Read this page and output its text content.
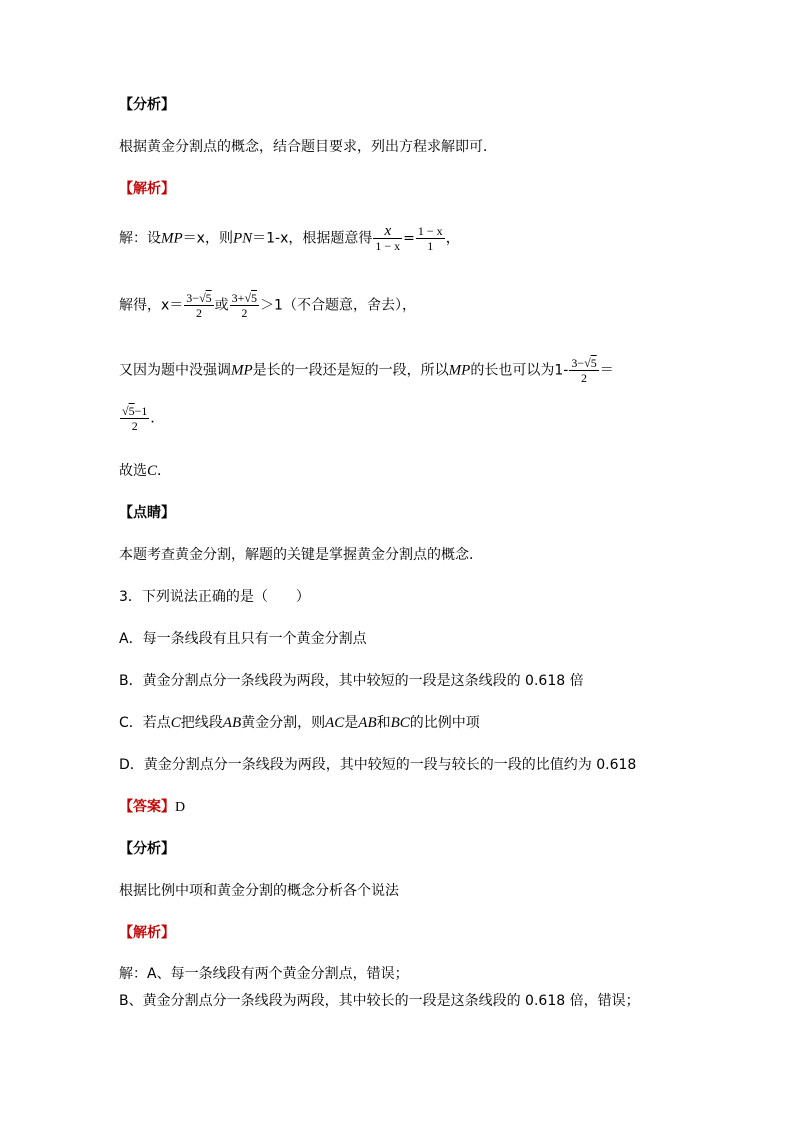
【分析】
根据黄金分割点的概念，结合题目要求，列出方程求解即可．
【解析】
解：设MP＝x，则PN＝1-x，根据题意得 $\frac{x}{1 - x} = \frac{1 - x}{1}$ ，
解得，$x= \frac{3-√5}{2}$ 或 $\frac{3+√5}{2} >1$（不合题意，舍去），
又因为题中没强调MP是长的一段还是短的一段，所以MP的长也可以为$1- \frac{3-√5}{2}$ ＝
$\frac{√5-1}{2}$ ．
故选C．
【点睛】
本题考查黄金分割，解题的关键是掌握黄金分割点的概念.
3．下列说法正确的是（　　）
A．每一条线段有且只有一个黄金分割点
B．黄金分割点分一条线段为两段，其中较短的一段是这条线段的 0.618 倍
C．若点C把线段AB黄金分割，则AC是AB和BC的比例中项
D．黄金分割点分一条线段为两段，其中较短的一段与较长的一段的比值约为 0.618
【答案】D
【分析】
根据比例中项和黄金分割的概念分析各个说法
【解析】
解：A、每一条线段有两个黄金分割点，错误；
B、黄金分割点分一条线段为两段，其中较长的一段是这条线段的 0.618 倍，错误；
